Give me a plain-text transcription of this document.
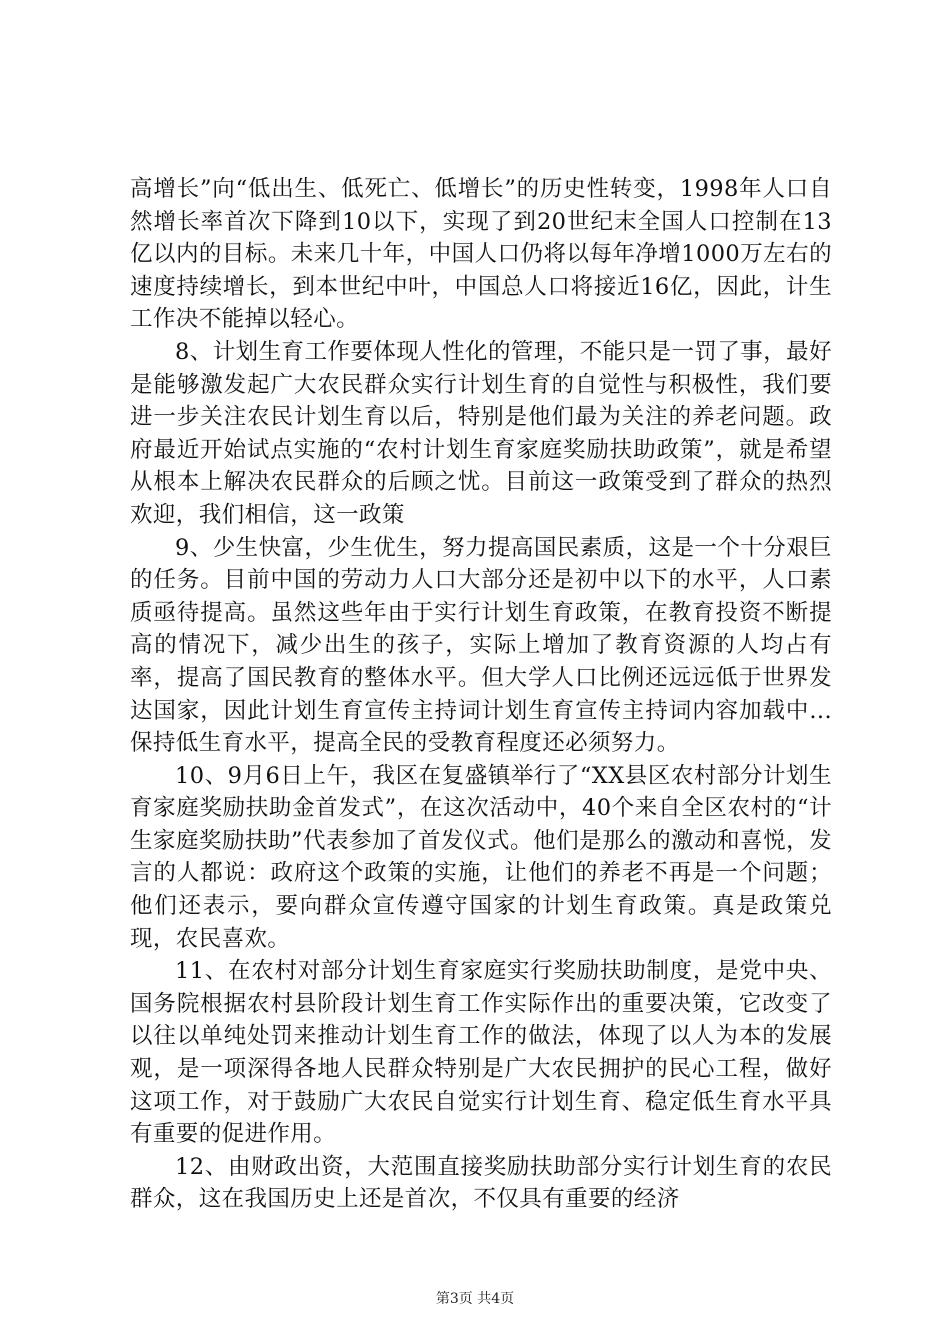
高增长”向“低出生、低死亡、低增长”的历史性转变，1998年人口自然增长率首次下降到10以下，实现了到20世纪末全国人口控制在13亿以内的目标。未来几十年，中国人口仍将以每年净增1000万左右的速度持续增长，到本世纪中叶，中国总人口将接近16亿，因此，计生工作决不能掉以轻心。

8、计划生育工作要体现人性化的管理，不能只是一罚了事，最好是能够激发起广大农民群众实行计划生育的自觉性与积极性，我们要进一步关注农民计划生育以后，特别是他们最为关注的养老问题。政府最近开始试点实施的“农村计划生育家庭奖励扶助政策”，就是希望从根本上解决农民群众的后顾之忧。目前这一政策受到了群众的热烈欢迎，我们相信，这一政策

9、少生快富，少生优生，努力提高国民素质，这是一个十分艰巨的任务。目前中国的劳动力人口大部分还是初中以下的水平，人口素质亟待提高。虽然这些年由于实行计划生育政策，在教育投资不断提高的情况下，减少出生的孩子，实际上增加了教育资源的人均占有率，提高了国民教育的整体水平。但大学人口比例还远远低于世界发达国家，因此计划生育宣传主持词计划生育宣传主持词内容加载中...保持低生育水平，提高全民的受教育程度还必须努力。

10、9月6日上午，我区在复盛镇举行了“XX县区农村部分计划生育家庭奖励扶助金首发式”，在这次活动中，40个来自全区农村的“计生家庭奖励扶助”代表参加了首发仪式。他们是那么的激动和喜悦，发言的人都说：政府这个政策的实施，让他们的养老不再是一个问题；他们还表示，要向群众宣传遵守国家的计划生育政策。真是政策兑现，农民喜欢。

11、在农村对部分计划生育家庭实行奖励扶助制度，是党中央、国务院根据农村县阶段计划生育工作实际作出的重要决策，它改变了以往以单纯处罚来推动计划生育工作的做法，体现了以人为本的发展观，是一项深得各地人民群众特别是广大农民拥护的民心工程，做好这项工作，对于鼓励广大农民自觉实行计划生育、稳定低生育水平具有重要的促进作用。

12、由财政出资，大范围直接奖励扶助部分实行计划生育的农民群众，这在我国历史上还是首次，不仅具有重要的经济

第3页 共4页
